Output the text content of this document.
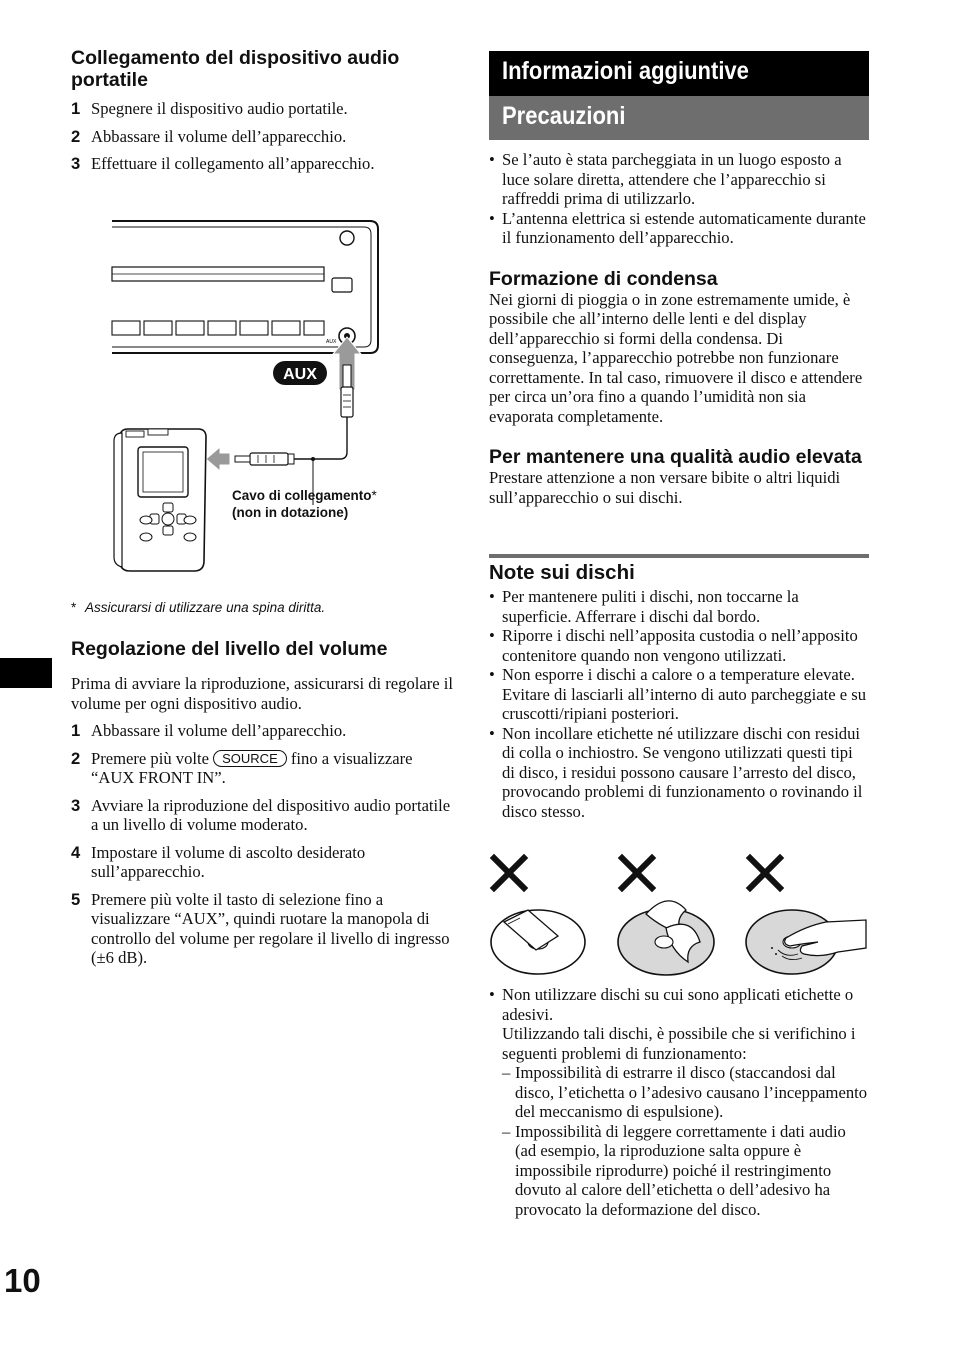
Collegamento del dispositivo audio portatile
1 Spegnere il dispositivo audio portatile.
2 Abbassare il volume dell’apparecchio.
3 Effettuare il collegamento all’apparecchio.
AUX
AUX
Cavo di collegamento*
(non in dotazione)
* Assicurarsi di utilizzare una spina diritta.
Regolazione del livello del volume

Prima di avviare la riproduzione, assicurarsi di regolare il volume per ogni dispositivo audio.

1 Abbassare il volume dell’apparecchio.
2 Premere più volte SOURCE fino a visualizzare “AUX FRONT IN”.
3 Avviare la riproduzione del dispositivo audio portatile a un livello di volume moderato.
4 Impostare il volume di ascolto desiderato sull’apparecchio.
5 Premere più volte il tasto di selezione fino a visualizzare “AUX”, quindi ruotare la manopola di controllo del volume per regolare il livello di ingresso (±6 dB).
10
Informazioni aggiuntive
Precauzioni
• Se l’auto è stata parcheggiata in un luogo esposto a luce solare diretta, attendere che l’apparecchio si raffreddi prima di utilizzarlo.
• L’antenna elettrica si estende automaticamente durante il funzionamento dell’apparecchio.
Formazione di condensa

Nei giorni di pioggia o in zone estremamente umide, è possibile che all’interno delle lenti e del display dell’apparecchio si formi della condensa. Di conseguenza, l’apparecchio potrebbe non funzionare correttamente. In tal caso, rimuovere il disco e attendere per circa un’ora fino a quando l’umidità non sia evaporata completamente.

Per mantenere una qualità audio elevata

Prestare attenzione a non versare bibite o altri liquidi sull’apparecchio o sui dischi.

Note sui dischi
• Per mantenere puliti i dischi, non toccarne la superficie. Afferrare i dischi dal bordo.
• Riporre i dischi nell’apposita custodia o nell’apposito contenitore quando non vengono utilizzati.
• Non esporre i dischi a calore o a temperature elevate. Evitare di lasciarli all’interno di auto parcheggiate e su cruscotti/ripiani posteriori.
• Non incollare etichette né utilizzare dischi con residui di colla o inchiostro. Se vengono utilizzati questi tipi di disco, i residui possono causare l’arresto del disco, provocando problemi di funzionamento o rovinando il disco stesso.
• Non utilizzare dischi su cui sono applicati etichette o adesivi.

Utilizzando tali dischi, è possibile che si verifichino i seguenti problemi di funzionamento:

– Impossibilità di estrarre il disco (staccandosi dal disco, l’etichetta o l’adesivo causano l’inceppamento del meccanismo di espulsione).
– Impossibilità di leggere correttamente i dati audio (ad esempio, la riproduzione salta oppure è impossibile riprodurre) poiché il restringimento dovuto al calore dell’etichetta o dell’adesivo ha provocato la deformazione del disco.
